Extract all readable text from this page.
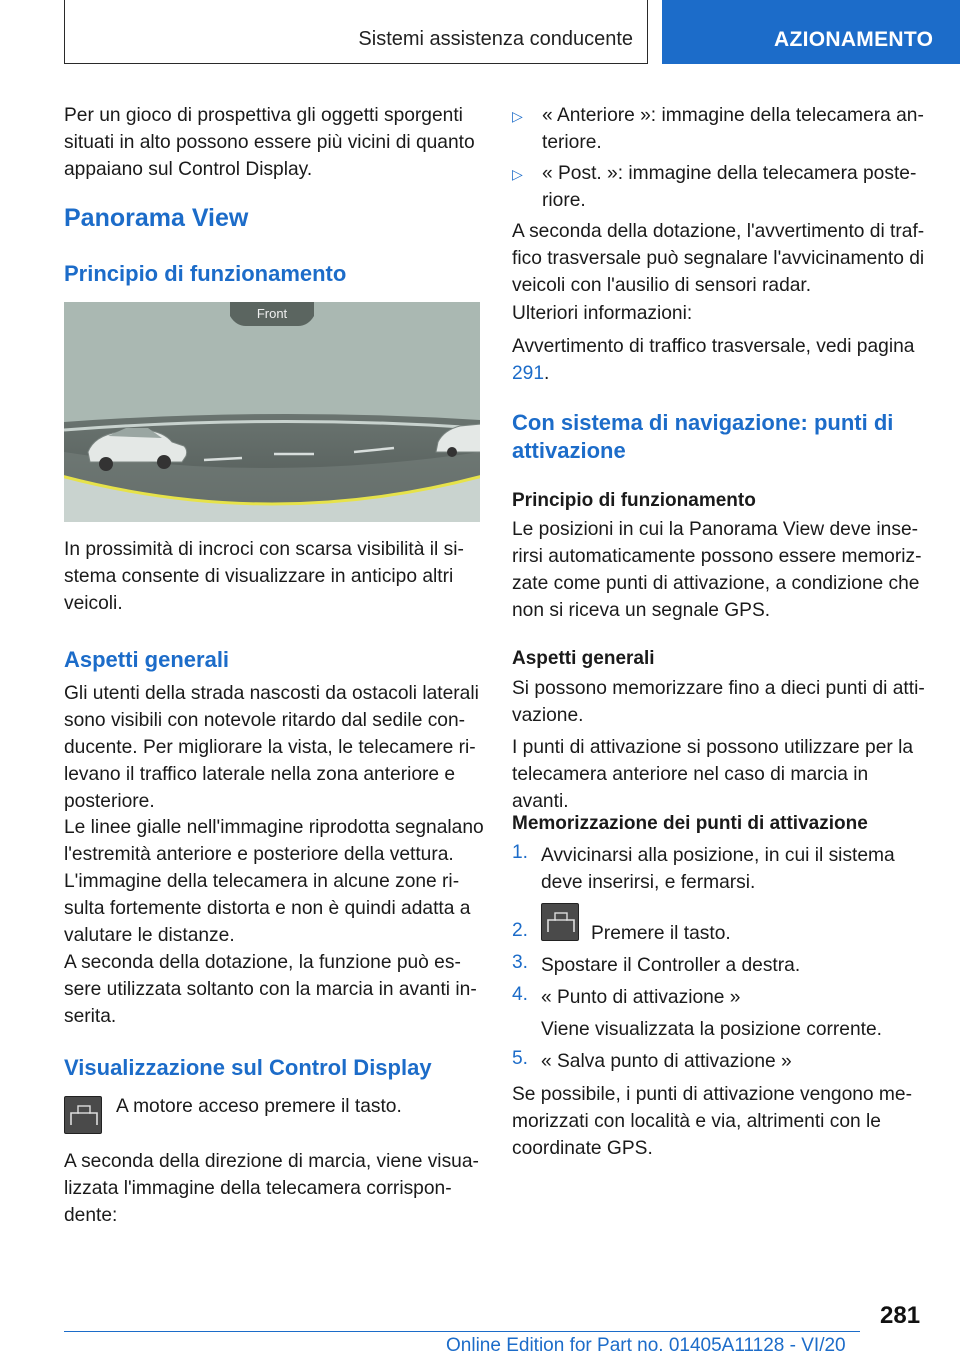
Sistemi assistenza conducente	AZIONAMENTO

Per un gioco di prospettiva gli oggetti sporgenti situati in alto possono essere più vicini di quanto appaiano sul Control Display.

Panorama View
Principio di funzionamento
Front

In prossimità di incroci con scarsa visibilità il sistema consente di visualizzare in anticipo altri veicoli.

Aspetti generali

Gli utenti della strada nascosti da ostacoli laterali sono visibili con notevole ritardo dal sedile conducente. Per migliorare la vista, le telecamere rilevano il traffico laterale nella zona anteriore e posteriore.

Le linee gialle nell'immagine riprodotta segnalano l'estremità anteriore e posteriore della vettura.

L'immagine della telecamera in alcune zone risulta fortemente distorta e non è quindi adatta a valutare le distanze.

A seconda della dotazione, la funzione può essere utilizzata soltanto con la marcia in avanti inserita.

Visualizzazione sul Control Display

A motore acceso premere il tasto.

A seconda della direzione di marcia, viene visualizzata l'immagine della telecamera corrispondente:

▷ « Anteriore »: immagine della telecamera anteriore.

▷ « Post. »: immagine della telecamera posteriore.

A seconda della dotazione, l'avvertimento di traffico trasversale può segnalare l'avvicinamento di veicoli con l'ausilio di sensori radar.

Ulteriori informazioni:

Avvertimento di traffico trasversale, vedi pagina 291.

Con sistema di navigazione: punti di attivazione
Principio di funzionamento

Le posizioni in cui la Panorama View deve inserirsi automaticamente possono essere memorizzate come punti di attivazione, a condizione che non si riceva un segnale GPS.

Aspetti generali

Si possono memorizzare fino a dieci punti di attivazione.

I punti di attivazione si possono utilizzare per la telecamera anteriore nel caso di marcia in avanti.

Memorizzazione dei punti di attivazione
1. Avvicinarsi alla posizione, in cui il sistema deve inserirsi, e fermarsi.

2.	Premere il tasto.

3. Spostare il Controller a destra.

4. « Punto di attivazione »

Viene visualizzata la posizione corrente.

5. « Salva punto di attivazione »

Se possibile, i punti di attivazione vengono memorizzati con località e via, altrimenti con le coordinate GPS.

281
Online Edition for Part no. 01405A11128 - VI/20
